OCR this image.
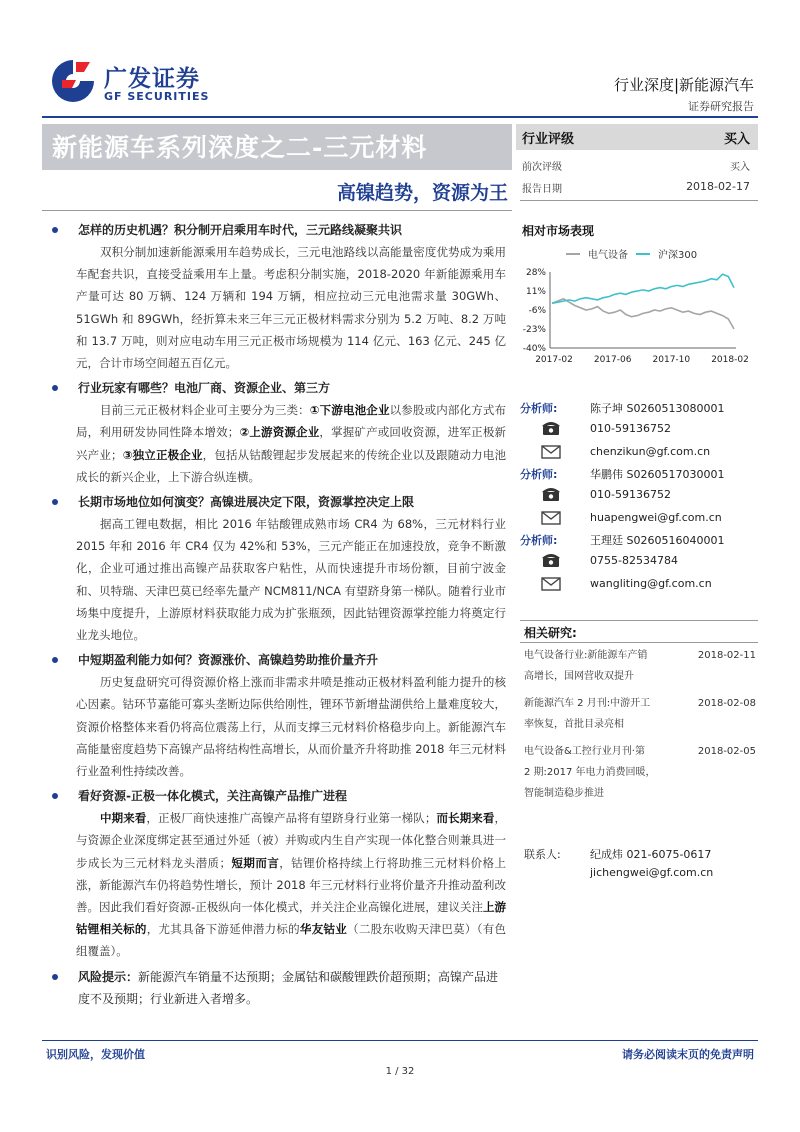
广发证券
GF SECURITIES
行业深度|新能源汽车
证券研究报告
新能源车系列深度之二-三元材料
高镍趋势，资源为王
行业评级	买入
前次评级	买入
报告日期	2018-02-17
相对市场表现
电气设备	沪深300
28%
11%
-6%
-23%
-40%
2017-02 2017-06 2017-10 2018-02
分析师:	陈子坤 S0260513080001
010-59136752
chenzikun@gf.com.cn
分析师:	华鹏伟 S0260517030001
010-59136752
huapengwei@gf.com.cn
分析师:	王理廷 S0260516040001
0755-82534784
wangliting@gf.com.cn
相关研究:
电气设备行业:新能源车产销
高增长，国网营收双提升
2018-02-11
新能源汽车 2 月刊:中游开工
率恢复，首批目录亮相
2018-02-08
电气设备&工控行业月刊·第
2 期:2017 年电力消费回暖，
智能制造稳步推进
2018-02-05
联系人:	纪成炜 021-6075-0617
jichengwei@gf.com.cn
怎样的历史机遇？积分制开启乘用车时代，三元路线凝聚共识
双积分制加速新能源乘用车趋势成长，三元电池路线以高能量密度优势成为乘用车配套共识，直接受益乘用车上量。考虑积分制实施，2018-2020 年新能源乘用车产量可达 80 万辆、124 万辆和 194 万辆，相应拉动三元电池需求量 30GWh、51GWh 和 89GWh，经折算未来三年三元正极材料需求分别为 5.2 万吨、8.2 万吨和 13.7 万吨，则对应电动车用三元正极市场规模为 114 亿元、163 亿元、245 亿元，合计市场空间超五百亿元。
行业玩家有哪些？电池厂商、资源企业、第三方
目前三元正极材料企业可主要分为三类：①下游电池企业以参股或内部化方式布局，利用研发协同性降本增效；②上游资源企业，掌握矿产或回收资源，进军正极新兴产业；③独立正极企业，包括从钴酸锂起步发展起来的传统企业以及跟随动力电池成长的新兴企业，上下游合纵连横。
长期市场地位如何演变？高镍进展决定下限，资源掌控决定上限
据高工锂电数据，相比 2016 年钴酸锂成熟市场 CR4 为 68%，三元材料行业 2015 年和 2016 年 CR4 仅为 42%和 53%，三元产能正在加速投放，竞争不断激化，企业可通过推出高镍产品获取客户粘性，从而快速提升市场份额，目前宁波金和、贝特瑞、天津巴莫已经率先量产 NCM811/NCA 有望跻身第一梯队。随着行业市场集中度提升，上游原材料获取能力成为扩张瓶颈，因此钴锂资源掌控能力将奠定行业龙头地位。
中短期盈利能力如何？资源涨价、高镍趋势助推价量齐升
历史复盘研究可得资源价格上涨而非需求井喷是推动正极材料盈利能力提升的核心因素。钴环节嘉能可寡头垄断边际供给刚性，锂环节新增盐湖供给上量难度较大，资源价格整体来看仍将高位震荡上行，从而支撑三元材料价格稳步向上。新能源汽车高能量密度趋势下高镍产品将结构性高增长，从而价量齐升将助推 2018 年三元材料行业盈利性持续改善。
看好资源-正极一体化模式，关注高镍产品推广进程
中期来看，正极厂商快速推广高镍产品将有望跻身行业第一梯队；而长期来看，与资源企业深度绑定甚至通过外延（被）并购或内生自产实现一体化整合则兼具进一步成长为三元材料龙头潜质；短期而言，钴锂价格持续上行将助推三元材料价格上涨，新能源汽车仍将趋势性增长，预计 2018 年三元材料行业将价量齐升推动盈利改善。因此我们看好资源-正极纵向一体化模式，并关注企业高镍化进展，建议关注上游钴锂相关标的，尤其具备下游延伸潜力标的华友钴业（二股东收购天津巴莫）（有色组覆盖）。
风险提示：新能源汽车销量不达预期；金属钴和碳酸锂跌价超预期；高镍产品进度不及预期；行业新进入者增多。
识别风险，发现价值	请务必阅读末页的免责声明
1 / 32
